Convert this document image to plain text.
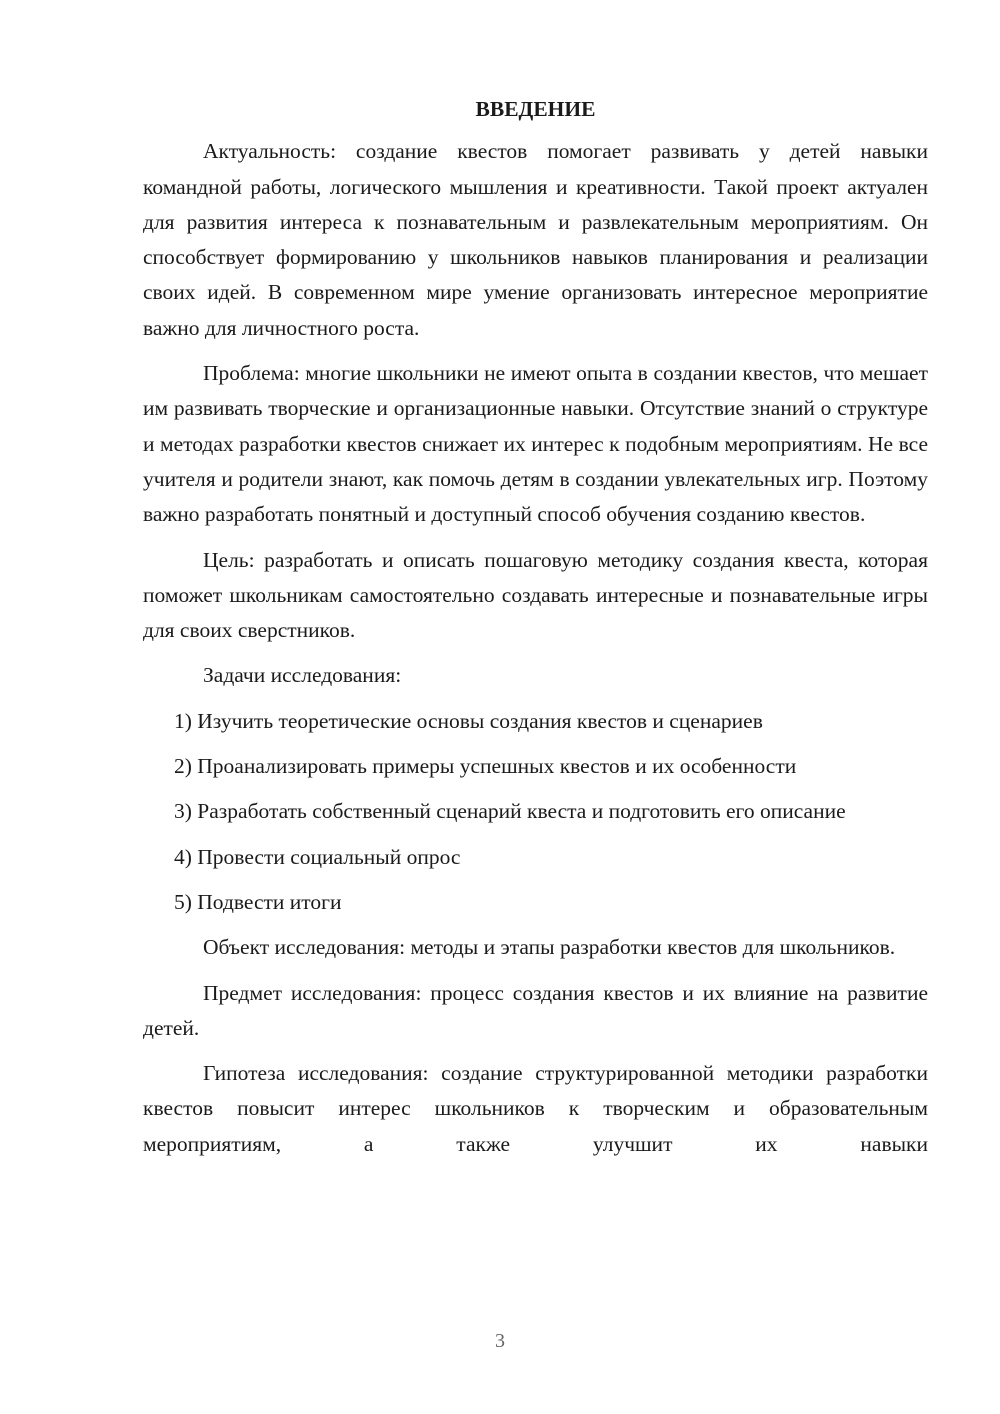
ВВЕДЕНИЕ

Актуальность: создание квестов помогает развивать у детей навыки командной работы, логического мышления и креативности. Такой проект актуален для развития интереса к познавательным и развлекательным мероприятиям. Он способствует формированию у школьников навыков планирования и реализации своих идей. В современном мире умение организовать интересное мероприятие важно для личностного роста.

Проблема: многие школьники не имеют опыта в создании квестов, что мешает им развивать творческие и организационные навыки. Отсутствие знаний о структуре и методах разработки квестов снижает их интерес к подобным мероприятиям. Не все учителя и родители знают, как помочь детям в создании увлекательных игр. Поэтому важно разработать понятный и доступный способ обучения созданию квестов.

Цель: разработать и описать пошаговую методику создания квеста, которая поможет школьникам самостоятельно создавать интересные и познавательные игры для своих сверстников.

Задачи исследования:

1) Изучить теоретические основы создания квестов и сценариев

2) Проанализировать примеры успешных квестов и их особенности

3) Разработать собственный сценарий квеста и подготовить его описание

4) Провести социальный опрос

5) Подвести итоги

Объект исследования: методы и этапы разработки квестов для школьников.

Предмет исследования: процесс создания квестов и их влияние на развитие детей.

Гипотеза исследования: создание структурированной методики разработки квестов повысит интерес школьников к творческим и образовательным мероприятиям, а также улучшит их навыки

3
